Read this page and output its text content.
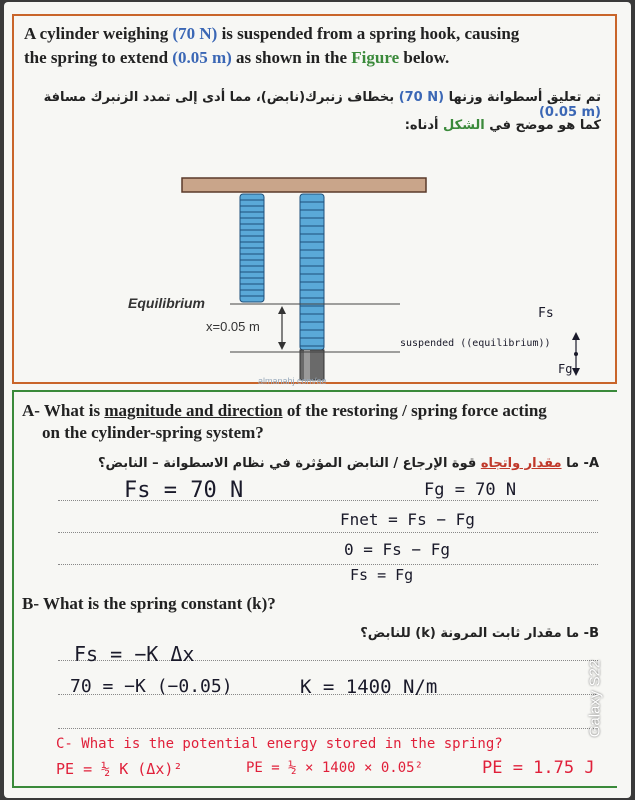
A cylinder weighing (70 N) is suspended from a spring hook, causing
the spring to extend (0.05 m) as shown in the Figure below.
تم تعليق أسطوانة وزنها (70 N) بخطاف زنبرك(نابض)، مما أدى إلى تمدد الزنبرك مسافة (0.05 m)
كما هو موضح في الشكل أدناه:
Equilibrium
x=0.05 m
suspended ((equilibrium))
Fs
Fg
almanahj.com/ae
A- What is magnitude and direction of the restoring / spring force acting
on the cylinder-spring system?
A- ما مقدار واتجاه قوة الإرجاع / النابض المؤثرة في نظام الاسطوانة – النابض؟
Fs = 70 N	Fg = 70 N
Fnet = Fs − Fg
0 = Fs − Fg
Fs = Fg
B- What is the spring constant (k)?
B- ما مقدار ثابت المرونة (k) للنابض؟
Fs = −K Δx
70 = −K (−0.05)	K = 1400 N/m
C- What is the potential energy stored in the spring?
PE = ½ K (Δx)²	PE = ½ × 1400 × 0.05²	PE = 1.75 J
Galaxy S22
